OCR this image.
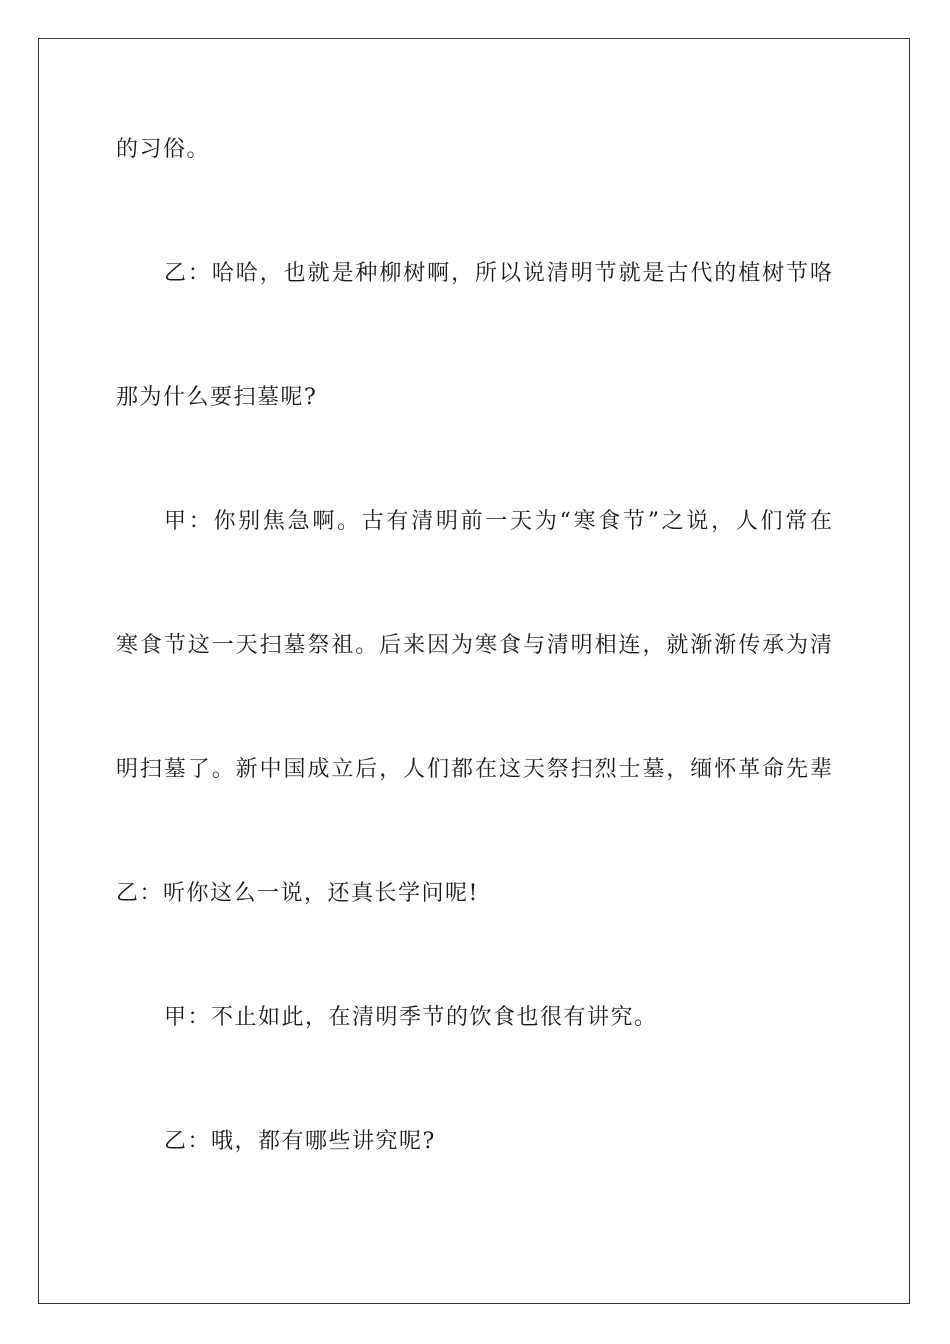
的习俗。
乙：哈哈，也就是种柳树啊，所以说清明节就是古代的植树节咯
那为什么要扫墓呢?
甲：你别焦急啊。古有清明前一天为“寒食节”之说，人们常在
寒食节这一天扫墓祭祖。后来因为寒食与清明相连，就渐渐传承为清
明扫墓了。新中国成立后，人们都在这天祭扫烈士墓，缅怀革命先辈
乙：听你这么一说，还真长学问呢!
甲：不止如此，在清明季节的饮食也很有讲究。
乙：哦，都有哪些讲究呢?
